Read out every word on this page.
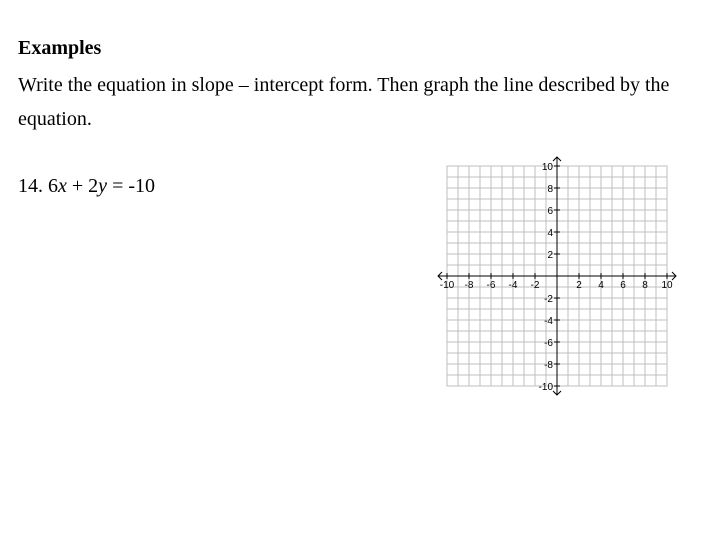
Examples
Write the equation in slope – intercept form. Then graph the line described by the equation.
14. 6x + 2y = -10
-10 -8 -6 -4 -2	2 4 6 8 10
10
8
6
4
2
-2
-4
-6
-8
-10
